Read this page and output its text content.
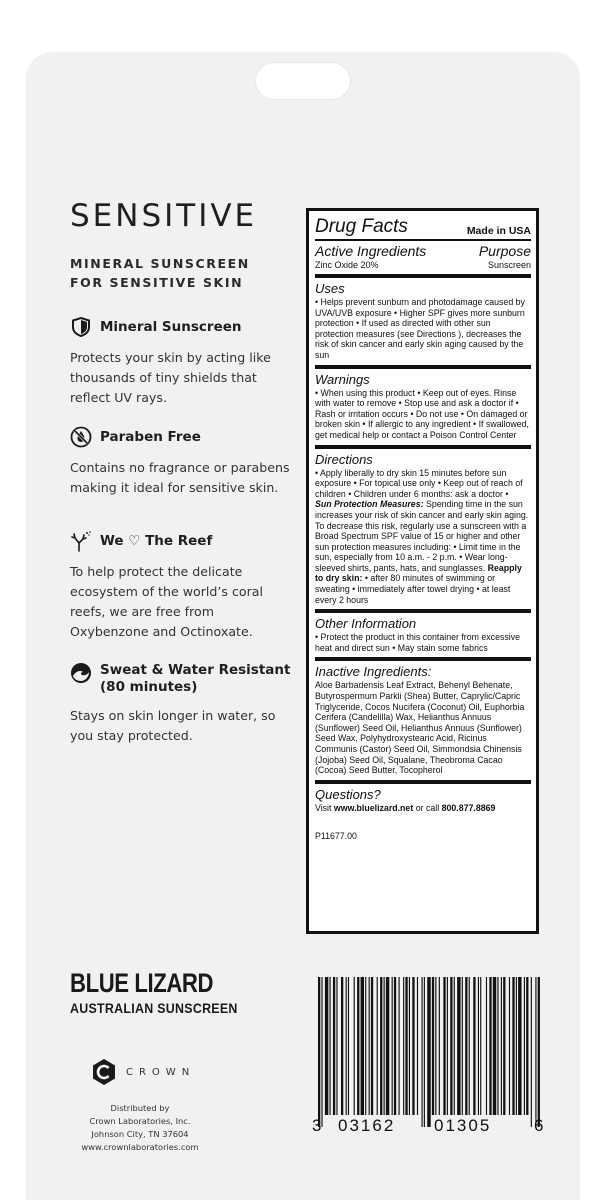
SENSITIVE
MINERAL SUNSCREEN
FOR SENSITIVE SKIN
Mineral Sunscreen
Protects your skin by acting like thousands of tiny shields that reflect UV rays.
Paraben Free
Contains no fragrance or parabens making it ideal for sensitive skin.
We ♡ The Reef
To help protect the delicate ecosystem of the world’s coral reefs, we are free from Oxybenzone and Octinoxate.
Sweat & Water Resistant (80 minutes)
Stays on skin longer in water, so you stay protected.
BLUE LIZARD
AUSTRALIAN SUNSCREEN
CROWN
Distributed by
Crown Laboratories, Inc.
Johnson City, TN 37604
www.crownlaboratories.com
Drug Facts	Made in USA
Active Ingredients	Purpose
Zinc Oxide 20%	Sunscreen
Uses
• Helps prevent sunburn and photodamage caused by UVA/UVB exposure • Higher SPF gives more sunburn protection • If used as directed with other sun protection measures (see Directions ), decreases the risk of skin cancer and early skin aging caused by the sun
Warnings
• When using this product • Keep out of eyes. Rinse with water to remove • Stop use and ask a doctor if • Rash or irritation occurs • Do not use • On damaged or broken skin • If allergic to any ingredient • If swallowed, get medical help or contact a Poison Control Center
Directions
• Apply liberally to dry skin 15 minutes before sun exposure • For topical use only • Keep out of reach of children • Children under 6 months: ask a doctor •
Sun Protection Measures: Spending time in the sun increases your risk of skin cancer and early skin aging. To decrease this risk, regularly use a sunscreen with a Broad Spectrum SPF value of 15 or higher and other sun protection measures including: • Limit time in the sun, especially from 10 a.m. - 2 p.m. • Wear long-sleeved shirts, pants, hats, and sunglasses. Reapply to dry skin: • after 80 minutes of swimming or sweating • immediately after towel drying • at least every 2 hours
Other Information
• Protect the product in this container from excessive heat and direct sun • May stain some fabrics
Inactive Ingredients:
Aloe Barbadensis Leaf Extract, Behenyl Behenate, Butyrospermum Parkii (Shea) Butter, Caprylic/Capric Triglyceride, Cocos Nucifera (Coconut) Oil, Euphorbia Cerifera (Candelilla) Wax, Helianthus Annuus (Sunflower) Seed Oil, Helianthus Annuus (Sunflower) Seed Wax, Polyhydroxystearic Acid, Ricinus Communis (Castor) Seed Oil, Simmondsia Chinensis (Jojoba) Seed Oil, Squalane, Theobroma Cacao (Cocoa) Seed Butter, Tocopherol
Questions?
Visit www.bluelizard.net or call 800.877.8869
P11677.00
3 03162 01305	6
